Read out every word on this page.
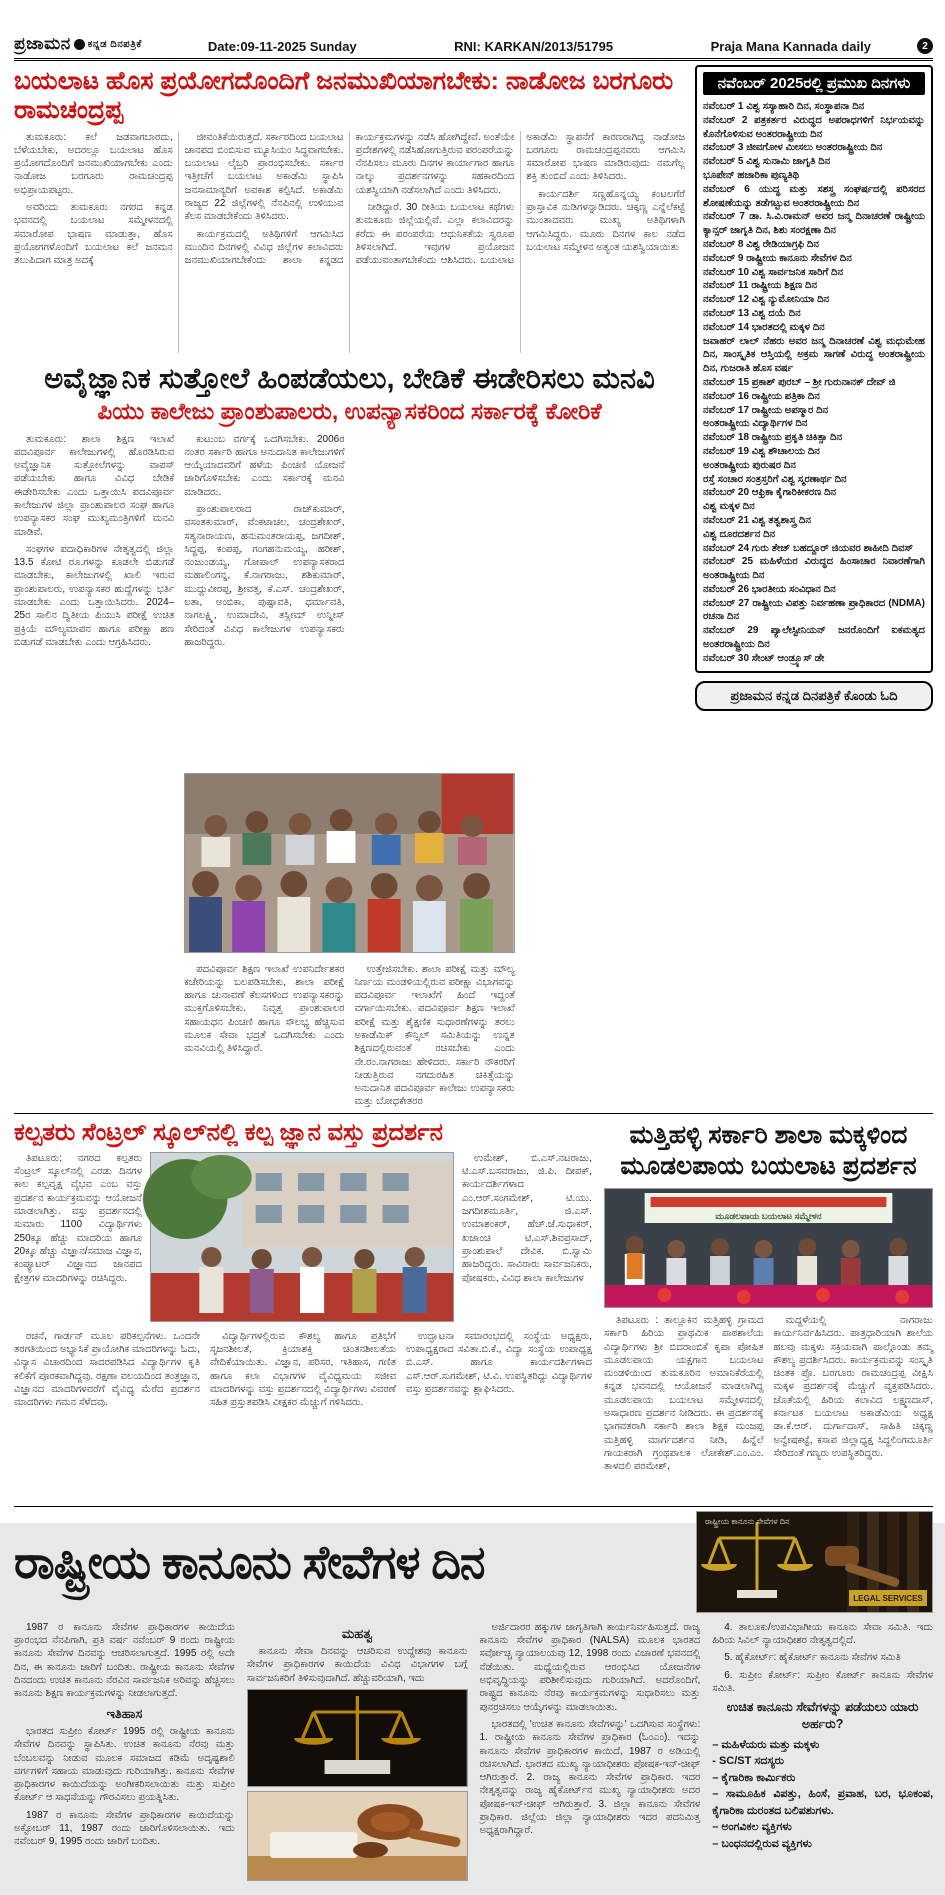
ಪ್ರಜಾಮನ ಕನ್ನಡ ದಿನಪತ್ರಿಕೆ	Date:09-11-2025 Sunday	RNI: KARKAN/2013/51795	Praja Mana Kannada daily	2
ಬಯಲಾಟ ಹೊಸ ಪ್ರಯೋಗದೊಂದಿಗೆ ಜನಮುಖಿಯಾಗಬೇಕು: ನಾಡೋಜ ಬರಗೂರು ರಾಮಚಂದ್ರಪ್ಪ

ತುಮಕೂರು: ಕಲೆ ಜಡವಾಗಬಾರದು, ಬೆಳೆಯಬೇಕು, ಅದರಲ್ಲೂ ಬಯಲಾಟ ಹೊಸ ಪ್ರಯೋಗದೊಂದಿಗೆ ಜನಮುಖಿಯಾಗಬೇಕು ಎಂದು ನಾಡೋಜ ಬರಗೂರು ರಾಮಚಂದ್ರಪ್ಪ ಅಭಿಪ್ರಾಯಪಟ್ಟರು.

ಅವರಿಂದು ತುಮಕೂರು ನಗರದ ಕನ್ನಡ ಭವನದಲ್ಲಿ ಬಯಲಾಟ ಸಮ್ಮೇಳನದಲ್ಲಿ ಸಮಾರೋಪ ಭಾಷಣ ಮಾಡುತ್ತಾ, ಹೊಸ ಪ್ರಯೋಗಗಳೊಂದಿಗೆ ಬಯಲಾಟ ಕಲೆ ಜನಮನ ತಲುಪಿದಾಗ ಮಾತ್ರ ಅದಕ್ಕೆ

ಜೀವಂತಿಕೆಯಿರುತ್ತದೆ. ಸರ್ಕಾರದಿಂದ ಬಯಲಾಟ ಜಾನಪದ ಬಿಂಬಿಸುವ ಮ್ಯೂಸಿಯಂ ಸಿದ್ಧವಾಗಬೇಕು. ಬಯಲಾಟ ಲೈಬ್ರರಿ ಪ್ರಾರಂಭಿಸಬೇಕು. ಸರ್ಕಾರ ಇತ್ತೀಚೆಗೆ ಬಯಲಾಟ ಅಕಾಡೆಮಿ ಸ್ಥಾಪಿಸಿ ಜನಸಾಮಾನ್ಯರಿಗೆ ಅವಕಾಶ ಕಲ್ಪಿಸಿದೆ. ಅಕಾಡೆಮಿ ರಾಜ್ಯದ 22 ಜಿಲ್ಲೆಗಳಲ್ಲಿ ನೆನಪಿನಲ್ಲಿ ಉಳಿಯುವ ಕೆಲಸ ಮಾಡಬೇಕೆಂದು ತಿಳಿಸಿದರು.

ಕಾರ್ಯಕ್ರಮದಲ್ಲಿ ಅತಿಥಿಗಳಿಗೆ ಆಗಮಿಸಿದ ಮುಂದಿನ ದಿನಗಳಲ್ಲಿ ವಿವಿಧ ಜಿಲ್ಲೆಗಳ ಕಲಾವಿದರು ಜನಮುಖಿಯಾಗಬೇಕೆಂದು ಶಾಲಾ ಕನ್ನಡದ ಕಾರ್ಯಕ್ರಮಗಳನ್ನು ನಡೆಸಿ ಹೋಗಿದ್ದೇವೆ. ಅಂತೆಯೇ ಪ್ರದೇಶಗಳಲ್ಲಿ ನಡೆಸಿಹೋಗುತ್ತಿರುವ ಪರಂಪರೆಯನ್ನು ನೆನಪಿಸಲು ಮೂರು ದಿನಗಳ ಕಾರ್ಯಾಗಾರ ಹಾಗೂ ನಾಲ್ಕು ಪ್ರದರ್ಶನಗಳನ್ನು ಸಹಕಾರದಿಂದ ಯಶಸ್ವಿಯಾಗಿ ನಡೆಸಲಾಗಿದೆ ಎಂದು ತಿಳಿಸಿದರು.

ನೀಡಿದ್ದಾರೆ. 30 ರೀತಿಯ ಬಯಲಾಟ ಕಥೆಗಳು ತುಮಕೂರು ಜಿಲ್ಲೆಯಲ್ಲಿವೆ. ಎಲ್ಲಾ ಕಲಾವಿದರನ್ನು ಕರೆದು ಈ ಪರಂಪರೆಯ ಆಧುನಿಕತೆಯ ಸ್ವರೂಪ ತಿಳಿಸಲಾಗಿದೆ. ಇವುಗಳ ಪ್ರಯೋಜನ ಪಡೆಯುವಂತಾಗಬೇಕೆಂದು ಆಶಿಸಿದರು. ಬಯಲಾಟ ಅಕಾಡೆಮಿ ಸ್ಥಾಪನೆಗೆ ಕಾರಣರಾಗಿದ್ದ ನಾಡೋಜ ಬರಗೂರು ರಾಮಚಂದ್ರಪ್ಪನವರು ಆಗಮಿಸಿ ಸಮಾರೋಪ ಭಾಷಣ ಮಾಡಿರುವುದು ನಮಗೆಲ್ಲ ಶಕ್ತಿ ತುಂಬಿದೆ ಎಂದು ತಿಳಿಸಿದರು.

ಕಾರ್ಯದರ್ಶಿ ಸಣ್ಣಹೊನ್ನಯ್ಯ ಕಂಟಲಗೆರೆ ಪ್ರಾಸ್ತಾವಿಕ ನುಡಿಗಳನ್ನಾಡಿದರು. ಚಿಕ್ಕಣ್ಣ ಎನ್ನೆಲೆಕಟ್ಟೆ ಮುಂತಾದವರು ಮುಖ್ಯ ಅತಿಥಿಗಳಾಗಿ ಆಗಮಿಸಿದ್ದರು. ಮೂರು ದಿನಗಳ ಕಾಲ ನಡೆದ ಬಯಲಾಟ ಸಮ್ಮೇಳನ ಅತ್ಯಂತ ಯಶಸ್ವಿಯಾಯಿತು

ಅವೈಜ್ಞಾನಿಕ ಸುತ್ತೋಲೆ ಹಿಂಪಡೆಯಲು, ಬೇಡಿಕೆ ಈಡೇರಿಸಲು ಮನವಿ
ಪಿಯು ಕಾಲೇಜು ಪ್ರಾಂಶುಪಾಲರು, ಉಪನ್ಯಾಸಕರಿಂದ ಸರ್ಕಾರಕ್ಕೆ ಕೋರಿಕೆ

ತುಮಕೂರು: ಶಾಲಾ ಶಿಕ್ಷಣ ಇಲಾಖೆ ಪದವಿಪೂರ್ವ ಕಾಲೇಜುಗಳಲ್ಲಿ ಹೊರಡಿಸಿರುವ ಅವೈಜ್ಞಾನಿಕ ಸುತ್ತೋಲೆಗಳನ್ನು ವಾಪಸ್ ಪಡೆಯಬೇಕು ಹಾಗೂ ವಿವಿಧ ಬೇಡಿಕೆ ಈಡೇರಿಸಬೇಕು ಎಂದು ಒತ್ತಾಯಿಸಿ ಪದವಿಪೂರ್ವ ಕಾಲೇಜುಗಳ ಜಿಲ್ಲಾ ಪ್ರಾಂಶುಪಾಲರ ಸಂಘ ಹಾಗೂ ಉಪನ್ಯಾಸಕರ ಸಂಘ ಮುಖ್ಯಮಂತ್ರಿಗಳಿಗೆ ಮನವಿ ಮಾಡಿವೆ.

ಸಂಘಗಳ ಪದಾಧಿಕಾರಿಗಳ ನೇತೃತ್ವದಲ್ಲಿ ಜಿಲ್ಲಾ 13.5 ಕೋಟಿ ರೂ.ಗಳನ್ನು ಕೂಡಲೇ ಬಿಡುಗಡೆ ಮಾಡಬೇಕು, ಕಾಲೇಜುಗಳಲ್ಲಿ ಖಾಲಿ ಇರುವ ಪ್ರಾಂಶುಪಾಲರು, ಉಪನ್ಯಾಸಕರ ಹುದ್ದೆಗಳನ್ನು ಭರ್ತಿ ಮಾಡಬೇಕು ಎಂದು ಒತ್ತಾಯಿಸಿದರು. 2024–25ರ ಸಾಲಿನ ದ್ವಿತೀಯ ಪಿಯುಸಿ ಪರೀಕ್ಷೆ ಉಚಿತ ಪ್ರಕ್ರಿಯೆ ಮೌಲ್ಯಮಾಪನ ಹಾಗೂ ಪರೀಕ್ಷಾ ಹಣ ಬಿಡುಗಡೆ ಮಾಡಬೇಕು ಎಂದು ಆಗ್ರಹಿಸಿದರು.

ಕುಟುಂಬ ವರ್ಗಕ್ಕೆ ಒದಗಿಸಬೇಕು. 2006ರ ನಂತರ ಸರ್ಕಾರಿ ಹಾಗೂ ಅನುದಾನಿತ ಕಾಲೇಜುಗಳಿಗೆ ಆಯ್ಕೆಯಾದವರಿಗೆ ಹಳೆಯ ಪಿಂಚಣಿ ಯೋಜನೆ ಜಾರಿಗೊಳಿಸಬೇಕು ಎಂದು ಸರ್ಕಾರಕ್ಕೆ ಮನವಿ ಮಾಡಿದರು.

ಪ್ರಾಂಶುಪಾಲರಾದ ರಾಜ್‌ಕುಮಾರ್, ವಸಂತಕುಮಾರ್, ವೆಂಕಟಾಚಲ, ಚಂದ್ರಶೇಖರ್, ಸತ್ಯನಾರಾಯಣ, ಹನುಮಂತರಾಯಪ್ಪ, ಜಗದೀಶ್, ಸಿದ್ಧಪ್ಪ, ಕಂಪಪ್ಪ, ಗಂಗಹನುಮಯ್ಯ, ಹರೀಶ್, ನಂಜುಂಡಯ್ಯ, ಗೋಪಾಲ್ ಉಪನ್ಯಾಸಕರಾದ ಮಹಾಲಿಂಗನ್ನ, ಕೆ.ನಾಗರಾಜು, ಶಶಿಕುಮಾರ್, ಮುದ್ದುವೀರಪ್ಪ, ಶ್ರೀವತ್ಸ, ಕೆ.ಎಸ್. ಚಂದ್ರಶೇಖರ್, ಲತಾ, ಅಂಬಿಕಾ, ಪುಷ್ಪಾವತಿ, ಧರ್ಮಾವತಿ, ನಾಗಲಕ್ಷ್ಮಿ, ಉಮಾದೇವಿ, ತಸ್ಲೀಮ್ ಉನ್ನೀಸ್ ಸೇರಿದಂತೆ ವಿವಿಧ ಕಾಲೇಜುಗಳ ಉಪನ್ಯಾಸಕರು ಹಾಜರಿದ್ದರು.

ಪದವಿಪೂರ್ವ ಶಿಕ್ಷಣ ಇಲಾಖೆ ಉಪನಿರ್ದೇಶಕರ ಕಚೇರಿಯನ್ನು ಬಲಪಡಿಸಬೇಕು, ಶಾಲಾ ಪರೀಕ್ಷೆ ಹಾಗೂ ಚುನಾವಣೆ ಕೆಲಸಗಳಿಂದ ಉಪನ್ಯಾಸಕರನ್ನು ಮುಕ್ತಗೊಳಿಸಬೇಕು. ನಿವೃತ್ತ ಪ್ರಾಂಶುಪಾಲರ ಸಹಾಯಧನ ಪಿಂಚಣಿ ಹಾಗೂ ಸೌಲಭ್ಯ ಹೆಚ್ಚಿಸುವ ಮೂಲಕ ಸೇವಾ ಭದ್ರತೆ ಒದಗಿಸಬೇಕು ಎಂದು ಮನವಿಯಲ್ಲಿ ತಿಳಿಸಿದ್ದಾರೆ.

ಉತ್ತೇಜಿಸಬೇಕು. ಶಾಲಾ ಪರೀಕ್ಷೆ ಮತ್ತು ಮೌಲ್ಯ ನಿರ್ಣಯ ಮಂಡಳಿಯಲ್ಲಿರುವ ಪರೀಕ್ಷಾ ವಿಭಾಗವನ್ನು ಪದವಿಪೂರ್ವ ಇಲಾಖೆಗೆ ಹಿಂದೆ ಇದ್ದಂತೆ ವರ್ಗಾಯಿಸಬೇಕು. ಪದವಿಪೂರ್ವ ಶಿಕ್ಷಣ ಇಲಾಖೆ ಪರೀಕ್ಷೆ ಮತ್ತು ಶೈಕ್ಷಣಿಕ ಸುಧಾರಣೆಗಳನ್ನು ತರಲು ಅಕಾಡೆಮಿಕ್ ಕೌನ್ಸಿಲ್ ಸಮಿತಿಯನ್ನು ಉನ್ನತ ಶಿಕ್ಷಣದಲ್ಲಿರುವಂತೆ ರಚಿಸಬೇಕು ಎಂದು ನೇ.ರಂ.ನಾಗರಾಜು ಹೇಳಿದರು. ಸರ್ಕಾರಿ ನೌಕರರಿಗೆ ನೀಡುತ್ತಿರುವ ನಗದುರಹಿತ ಚಿಕಿತ್ಸೆಯನ್ನು ಅನುದಾನಿತ ಪದವಿಪೂರ್ವ ಕಾಲೇಜು ಉಪನ್ಯಾಸಕರು ಮತ್ತು ಬೋಧಕೇತರರ

ನವೆಂಬರ್ 2025ರಲ್ಲಿ ಪ್ರಮುಖ ದಿನಗಳು
ನವೆಂಬರ್ 1 ವಿಶ್ವ ಸಸ್ಯಾಹಾರಿ ದಿನ, ಸಂಸ್ಥಾಪನಾ ದಿನ
ನವೆಂಬರ್ 2 ಪತ್ರಕರ್ತರ ವಿರುದ್ಧದ ಅಪರಾಧಗಳಿಗೆ ನಿರ್ಭಯವನ್ನು ಕೊನೆಗೊಳಿಸುವ ಅಂತರರಾಷ್ಟ್ರೀಯ ದಿನ
ನವೆಂಬರ್ 3 ಜೀವಗೋಳ ಮೀಸಲು ಅಂತರರಾಷ್ಟ್ರೀಯ ದಿನ
ನವೆಂಬರ್ 5 ವಿಶ್ವ ಸುನಾಮಿ ಜಾಗೃತಿ ದಿನ
ಭೂಪೇನ್ ಹಜಾರಿಕಾ ಪುಣ್ಯತಿಥಿ
ನವೆಂಬರ್ 6 ಯುದ್ಧ ಮತ್ತು ಸಶಸ್ತ್ರ ಸಂಘರ್ಷದಲ್ಲಿ ಪರಿಸರದ ಶೋಷಣೆಯನ್ನು ತಡೆಗಟ್ಟುವ ಅಂತರರಾಷ್ಟ್ರೀಯ ದಿನ
ನವೆಂಬರ್ 7 ಡಾ. ಸಿ.ವಿ.ರಾಮನ್ ಅವರ ಜನ್ಮ ದಿನಾಚರಣೆ ರಾಷ್ಟ್ರೀಯ ಕ್ಯಾನ್ಸರ್ ಜಾಗೃತಿ ದಿನ, ಶಿಶು ಸಂರಕ್ಷಣಾ ದಿನ
ನವೆಂಬರ್ 8 ವಿಶ್ವ ರೇಡಿಯಾಗ್ರಫಿ ದಿನ
ನವೆಂಬರ್ 9 ರಾಷ್ಟ್ರೀಯ ಕಾನೂನು ಸೇವೆಗಳ ದಿನ
ನವೆಂಬರ್ 10 ವಿಶ್ವ ಸಾರ್ವಜನಿಕ ಸಾರಿಗೆ ದಿನ
ನವೆಂಬರ್ 11 ರಾಷ್ಟ್ರೀಯ ಶಿಕ್ಷಣ ದಿನ
ನವೆಂಬರ್ 12 ವಿಶ್ವ ನ್ಯುಮೋನಿಯಾ ದಿನ
ನವೆಂಬರ್ 13 ವಿಶ್ವ ದಯೆ ದಿನ
ನವೆಂಬರ್ 14 ಭಾರತದಲ್ಲಿ ಮಕ್ಕಳ ದಿನ
ಜವಾಹರ್ ಲಾಲ್ ನೆಹರು ಅವರ ಜನ್ಮ ದಿನಾಚರಣೆ ವಿಶ್ವ ಮಧುಮೇಹ ದಿನ, ಸಾಂಸ್ಕೃತಿಕ ಆಸ್ತಿಯಲ್ಲಿ ಅಕ್ರಮ ಸಾಗಣೆ ವಿರುದ್ಧ ಅಂತರಾಷ್ಟ್ರೀಯ ದಿನ, ಗುಜರಾತಿ ಹೊಸ ವರ್ಷ
ನವೆಂಬರ್ 15 ಪ್ರಕಾಶ್ ಪುರಬ್ – ಶ್ರೀ ಗುರುನಾನಕ್ ದೇವ್ ಜಿ
ನವೆಂಬರ್ 16 ರಾಷ್ಟ್ರೀಯ ಪತ್ರಿಕಾ ದಿನ
ನವೆಂಬರ್ 17 ರಾಷ್ಟ್ರೀಯ ಅಪಸ್ಮಾರ ದಿನ
ಅಂತರಾಷ್ಟ್ರೀಯ ವಿದ್ಯಾರ್ಥಿಗಳ ದಿನ
ನವೆಂಬರ್ 18 ರಾಷ್ಟ್ರೀಯ ಪ್ರಕೃತಿ ಚಿಕಿತ್ಸಾ ದಿನ
ನವೆಂಬರ್ 19 ವಿಶ್ವ ಶೌಚಾಲಯ ದಿನ
ಅಂತರಾಷ್ಟ್ರೀಯ ಪುರುಷರ ದಿನ
ರಸ್ತೆ ಸಂಚಾರ ಸಂತ್ರಸ್ತರಿಗೆ ವಿಶ್ವ ಸ್ಮರಣಾರ್ಥ ದಿನ
ನವೆಂಬರ್ 20 ಆಫ್ರಿಕಾ ಕೈಗಾರಿಕೀಕರಣ ದಿನ
ವಿಶ್ವ ಮಕ್ಕಳ ದಿನ
ನವೆಂಬರ್ 21 ವಿಶ್ವ ತತ್ವಶಾಸ್ತ್ರ ದಿನ
ವಿಶ್ವ ದೂರದರ್ಶನ ದಿನ
ನವೆಂಬರ್ 24 ಗುರು ತೇಜ್ ಬಹದ್ದೂರ್ ಜಿಯವರ ಶಾಹೀದಿ ದಿವಸ್
ನವೆಂಬರ್ 25 ಮಹಿಳೆಯರ ವಿರುದ್ಧದ ಹಿಂಸಾಚಾರ ನಿವಾರಣೆಗಾಗಿ ಅಂತರಾಷ್ಟ್ರೀಯ ದಿನ
ನವೆಂಬರ್ 26 ಭಾರತೀಯ ಸಂವಿಧಾನ ದಿನ
ನವೆಂಬರ್ 27 ರಾಷ್ಟ್ರೀಯ ವಿಪತ್ತು ನಿರ್ವಹಣಾ ಪ್ರಾಧಿಕಾರದ (NDMA) ರಚನಾ ದಿನ
ನವೆಂಬರ್ 29 ಪ್ಯಾಲೇಸ್ಟೀನಿಯನ್ ಜನರೊಂದಿಗೆ ಐಕಮತ್ಯದ ಅಂತರರಾಷ್ಟ್ರೀಯ ದಿನ
ನವೆಂಬರ್ 30 ಸೇಂಟ್ ಆಂಡ್ರ್ಯೂಸ್ ಡೇ
ಪ್ರಜಾಮನ ಕನ್ನಡ ದಿನಪತ್ರಿಕೆ ಕೊಂಡು ಓದಿ
ಕಲ್ಪತರು ಸೆಂಟ್ರಲ್ ಸ್ಕೂಲ್‌ನಲ್ಲಿ ಕಲ್ಪ ಜ್ಞಾನ ವಸ್ತು ಪ್ರದರ್ಶನ

ತಿಪಟೂರು: ನಗರದ ಕಲ್ಪತರು ಸೆಂಟ್ರಲ್ ಸ್ಕೂಲ್‌ನಲ್ಲಿ ಎರಡು ದಿನಗಳ ಕಾಲ ಕಲ್ಪವೃಕ್ಷ ವೈಭವ ಎಂಬ ವಸ್ತು ಪ್ರದರ್ಶನ ಕಾರ್ಯಕ್ರಮವನ್ನು ಆಯೋಜನೆ ಮಾಡಲಾಗಿತ್ತು. ವಸ್ತು ಪ್ರದರ್ಶನದಲ್ಲಿ ಸುಮಾರು 1100 ವಿದ್ಯಾರ್ಥಿಗಳು 250ಕ್ಕೂ ಹೆಚ್ಚು ಮಾದರಿಯ ಹಾಗೂ 20ಕ್ಕೂ ಹೆಚ್ಚು ವಿಜ್ಞಾನ/ಸಮಾಜ ವಿಜ್ಞಾನ, ಕಂಪ್ಯೂಟರ್ ವಿಜ್ಞಾನದ ಜಾನಪದ ಕ್ಷೇತ್ರಗಳ ಮಾದರಿಗಳನ್ನು ರಚಿಸಿದ್ದರು.

ಉಮೇಶ್, ಬಿ.ಎಸ್.ನಟರಾಜು, ಟಿ.ಎಸ್.ಬಸವರಾಜು, ಜಿ.ಪಿ. ದೀಪಕ್, ಕಾರ್ಯದರ್ಶಿಗಳಾದ ಎಂ.ಆರ್.ಸಂಗಮೇಶ್, ಟಿ.ಯು. ಜಗದೀಶಮೂರ್ತಿ, ಜಿ.ಎಸ್. ಉಮಾಶಂಕರ್, ಹೆಚ್.ಜೆ.ಸುಧಾಕರ್, ಖಜಾಂಚಿ ಟಿ.ಎಸ್.ಶಿವಪ್ರಸಾದ್, ಪ್ರಾಂಶುಪಾಲೆ ದೇವಿಕ. ಬಿ.ಸ್ವಾಮಿ ಹಾಜರಿದ್ದರು. ಸಾವಿರಾರು ಸಾರ್ವಜನಿಕರು, ಪೋಷಕರು, ವಿವಿಧ ಶಾಲಾ ಕಾಲೇಜುಗಳ

ರಚನೆ, ಗಾರ್ಡನ್ ಮೂಲ ಪರಿಕಲ್ಪನೆಗಳು. ಒಂದನೇ ತರಗತಿಯಿಂದ ಅಭ್ಯಾಸಿಕೆ ಪ್ರಾಯೋಗಿಕ ಮಾದರಿಗಳನ್ನು ಓದು, ವಿನ್ಯಾಸ ವಿಚಾರದಿಂದ ಸಾದರಪಡಿಸಿದ ವಿದ್ಯಾರ್ಥಿಗಳ ಕೃತಿ ಕಲಿಕೆಗೆ ಪೂರಕವಾಗಿದ್ದವು. ರಕ್ಷಣಾ ವಲಯದಿಂದ ತಂತ್ರಜ್ಞಾನ, ವಿಜ್ಞಾನದ ಮಾದರಿಗಳವರೆಗೆ ವೈವಿಧ್ಯ ಮೆರೆದ ಪ್ರದರ್ಶನ ಮಾದರಿಗಳು ಗಮನ ಸೆಳೆದವು.

ವಿದ್ಯಾರ್ಥಿಗಳಲ್ಲಿರುವ ಕೌಶಲ್ಯ ಹಾಗೂ ಪ್ರತಿಭೆಗೆ ಸೃಜನಶೀಲತೆ, ಕ್ರಿಯಾಶಕ್ತಿ ಚಿಂತನಶೀಲತೆಯ ವೇದಿಕೆಯಾಯಿತು. ವಿಜ್ಞಾನ, ಪರಿಸರ, ಇತಿಹಾಸ, ಗಣಿತ ಹಾಗೂ ಕಲಾ ವಿಭಾಗಗಳ ವೈವಿಧ್ಯಮಯ ಸಜೀವ ಮಾದರಿಗಳನ್ನು ವಸ್ತು ಪ್ರದರ್ಶನದಲ್ಲಿ ವಿದ್ಯಾರ್ಥಿಗಳು ವಿವರಣೆ ಸಹಿತ ಪ್ರಸ್ತುತಪಡಿಸಿ ವೀಕ್ಷಕರ ಮೆಚ್ಚುಗೆ ಗಳಿಸಿದರು.

ಉದ್ಘಾಟನಾ ಸಮಾರಂಭದಲ್ಲಿ ಸಂಸ್ಥೆಯ ಅಧ್ಯಕ್ಷರು, ಉಪಾಧ್ಯಕ್ಷರಾದ ಸವಿತಾ.ಬಿ.ಕೆ., ವಿದ್ಯಾ ಸಂಸ್ಥೆಯ ಉಪಾಧ್ಯಕ್ಷ ಬಿ.ಎಸ್. ಹಾಗೂ ಕಾರ್ಯದರ್ಶಿಗಳಾದ ಎಸ್.ಆರ್.ಸುಗಮೇಶ್, ಟಿ.ವಿ. ಉಪಸ್ಥಿತರಿದ್ದು ವಿದ್ಯಾರ್ಥಿಗಳ ವಸ್ತು ಪ್ರದರ್ಶನವನ್ನು ಶ್ಲಾಘಿಸಿದರು.

ಮತ್ತಿಹಳ್ಳಿ ಸರ್ಕಾರಿ ಶಾಲಾ ಮಕ್ಕಳಿಂದ
ಮೂಡಲಪಾಯ ಬಯಲಾಟ ಪ್ರದರ್ಶನ
ಮೂಡಲಪಾಯ ಬಯಲಾಟ ಸಮ್ಮೇಳನ

ತಿಪಟೂರು : ತಾಲ್ಲೂಕಿನ ಮತ್ತಿಹಳ್ಳಿ ಗ್ರಾಮದ ಸರ್ಕಾರಿ ಹಿರಿಯ ಪ್ರಾಥಮಿಕ ಪಾಠಶಾಲೆಯ ವಿದ್ಯಾರ್ಥಿಗಳು ಶ್ರೀ ಬಿದರಾಂಬಿಕೆ ಕೃಪಾ ಪೋಷಿತ ಮೂಡಲಪಾಯ ಯಕ್ಷಗಾನ ಬಯಲಾಟ ಮಂಡಳಿಯಿಂದ ತುಮಕೂರಿನ ಅಮಾನಿಕೆರೆಯಲ್ಲಿ ಕನ್ನಡ ಭವನದಲ್ಲಿ ಆಯೋಜನೆ ಮಾಡಲಾಗಿದ್ದ ಮೂಡಲಪಾಯ ಬಯಲಾಟ ಸಮ್ಮೇಳನದಲ್ಲಿ ಅಸಾಧಾರಣ ಪ್ರದರ್ಶನ ನೀಡಿದರು. ಈ ಪ್ರದರ್ಶನಕ್ಕೆ ಭಾಗವತರಾಗಿ ಸರ್ಕಾರಿ ಶಾಲಾ ಶಿಕ್ಷಕ ಮಂಜಪ್ಪ ಮತ್ತಿಹಳ್ಳಿ ಮಾರ್ಗದರ್ಶನ ನೀಡಿ, ಹಿನ್ನೆಲೆ ಗಾಯಕರಾಗಿ ಗ್ರಂಥಪಾಲಕ ಲೋಕೇಶ್.ಎಂ.ಎಂ. ತಾಳದಲಿ ಪರಮೇಶ್,

ಮದ್ದಳೆಯಲ್ಲಿ ನಾಗರಾಜು ಕಾರ್ಯನಿರ್ವಹಿಸಿದರು. ಪಾತ್ರಧಾರಿಯಾಗಿ ಶಾಲೆಯ ಹಲವು ಮಕ್ಕಳು ಸಕ್ರಿಯವಾಗಿ ಪಾಲ್ಗೊಂಡು ತಮ್ಮ ಕೌಶಲ್ಯ ಪ್ರದರ್ಶಿಸಿದರು. ಕಾರ್ಯಕ್ರಮವನ್ನು ಸಂಸ್ಕೃತಿ ಚಿಂತಕ ಪ್ರೊ. ಬರಗೂರು ರಾಮಚಂದ್ರಪ್ಪ ವೀಕ್ಷಿಸಿ ಮಕ್ಕಳ ಪ್ರದರ್ಶನಕ್ಕೆ ಮೆಚ್ಚುಗೆ ವ್ಯಕ್ತಪಡಿಸಿದರು. ಜೊತೆಯಲ್ಲಿ ಹಿರಿಯ ಕಲಾವಿದ ಲಕ್ಷ್ಮಣದಾಸ್, ಕರ್ನಾಟಕ ಬಯಲಾಟ ಅಕಾಡೆಮಿಯ ಅಧ್ಯಕ್ಷ ಡಾ.ಕೆ.ಆರ್. ದುರ್ಗಾದಾಸ್, ಸಾಹಿತಿ ಚಿಕ್ಕಣ್ಣ ಅನ್ವೇಷಕಟ್ಟೆ, ಕಸಾಪ ಜಿಲ್ಲಾಧ್ಯಕ್ಷ ಸಿದ್ಧಲಿಂಗಮೂರ್ತಿ ಸೇರಿದಂತೆ ಗಣ್ಯರು ಉಪಸ್ಥಿತರಿದ್ದರು.

ರಾಷ್ಟ್ರೀಯ ಕಾನೂನು ಸೇವೆಗಳ ದಿನ
ರಾಷ್ಟ್ರೀಯ ಕಾನೂನು ಸೇವೆಗಳ ದಿನ
LEGAL SERVICES

1987 ರ ಕಾನೂನು ಸೇವೆಗಳ ಪ್ರಾಧಿಕಾರಗಳ ಕಾಯಿದೆಯ ಪ್ರಾರಂಭದ ನೆನಪಿಗಾಗಿ, ಪ್ರತಿ ವರ್ಷ ನವೆಂಬರ್ 9 ರಂದು ರಾಷ್ಟ್ರೀಯ ಕಾನೂನು ಸೇವೆಗಳ ದಿನವನ್ನು ಆಚರಿಸಲಾಗುತ್ತದೆ. 1995 ರಲ್ಲಿ ಅದೇ ದಿನ, ಈ ಕಾನೂನು ಜಾರಿಗೆ ಬಂದಿತು. ರಾಷ್ಟ್ರೀಯ ಕಾನೂನು ಸೇವೆಗಳ ದಿನದಂದು ಉಚಿತ ಕಾನೂನು ನೆರವಿನ ಸಾರ್ವಜನಿಕ ಅರಿವನ್ನು ಹೆಚ್ಚಿಸಲು ಕಾನೂನು ಶಿಕ್ಷಣ ಕಾರ್ಯಕ್ರಮಗಳನ್ನು ನೀಡಲಾಗುತ್ತದೆ.

ಇತಿಹಾಸ

ಭಾರತದ ಸುಪ್ರೀಂ ಕೋರ್ಟ್ 1995 ರಲ್ಲಿ ರಾಷ್ಟ್ರೀಯ ಕಾನೂನು ಸೇವೆಗಳ ದಿನವನ್ನು ಸ್ಥಾಪಿಸಿತು. ಉಚಿತ ಕಾನೂನು ನೆರವು ಮತ್ತು ಬೆಂಬಲವನ್ನು ನೀಡುವ ಮೂಲಕ ಸಮಾಜದ ಕಡಿಮೆ ಅದೃಷ್ಟಶಾಲಿ ವರ್ಗಗಳಿಗೆ ಸಹಾಯ ಮಾಡುವುದು ಗುರಿಯಾಗಿತ್ತು. ಕಾನೂನು ಸೇವೆಗಳ ಪ್ರಾಧಿಕಾರಗಳ ಕಾಯಿದೆಯನ್ನು ಅಂಗೀಕರಿಸಲಾಯಿತು ಮತ್ತು ಸುಪ್ರೀಂ ಕೋರ್ಟ್ ಆ ಸಾಧನೆಯನ್ನು ಗೌರವಿಸಲು ಪ್ರಯತ್ನಿಸಿತು.

1987 ರ ಕಾನೂನು ಸೇವೆಗಳ ಪ್ರಾಧಿಕಾರಗಳ ಕಾಯಿದೆಯನ್ನು ಅಕ್ಟೋಬರ್ 11, 1987 ರಂದು ಜಾರಿಗೊಳಿಸಲಾಯಿತು. ಇದು ನವೆಂಬರ್ 9, 1995 ರಂದು ಜಾರಿಗೆ ಬಂದಿತು.

ಮಹತ್ವ

ಕಾನೂನು ಸೇವಾ ದಿನವನ್ನು ಆಚರಿಸುವ ಉದ್ದೇಶವು ಕಾನೂನು ಸೇವೆಗಳ ಪ್ರಾಧಿಕಾರಗಳ ಕಾಯಿದೆಯ ವಿವಿಧ ವಿಭಾಗಗಳ ಬಗ್ಗೆ ಸಾರ್ವಜನಿಕರಿಗೆ ತಿಳಿಸುವುದಾಗಿದೆ. ಹೆಚ್ಚುವರಿಯಾಗಿ, ಇದು

ಅರ್ಜಿದಾರರ ಹಕ್ಕುಗಳ ಜಾಗೃತಿಗಾಗಿ ಕಾರ್ಯನಿರ್ವಹಿಸುತ್ತದೆ. ರಾಜ್ಯ ಕಾನೂನು ಸೇವೆಗಳ ಪ್ರಾಧಿಕಾರ (NALSA) ಮೂಲಕ ಭಾರತದ ಸರ್ವೋಚ್ಚ ನ್ಯಾಯಾಲಯವು 12, 1998 ರಂದು ವಿಚಾರಣೆ ಭವನದಲ್ಲಿ ನೆಡೆಯಿತು. ಮಧ್ಯೆಯಲ್ಲಿರುವ ಆರಂಭಿಸಿದ ಯೋಜನೆಗಳ ಅಭಿವೃದ್ಧಿಯನ್ನು ಪರಿಶೀಲಿಸುವುದು ಗುರಿಯಾಗಿದೆ. ಅದರೊಂದಿಗೆ, ರಾಷ್ಟ್ರದ ಕಾನೂನು ನೆರವು ಕಾರ್ಯಕ್ರಮಗಳನ್ನು ಸುಧಾರಿಸಲು ಮತ್ತು ಪುನರ್ರಚಿಸಲು ಆಯ್ಕೆಗಳನ್ನು ಮಾಡಲಾಯಿತು.

ಭಾರತದಲ್ಲಿ 'ಉಚಿತ ಕಾನೂನು ಸೇವೆಗಳನ್ನು' ಒದಗಿಸುವ ಸಂಸ್ಥೆಗಳು: 1. ರಾಷ್ಟ್ರೀಯ ಕಾನೂನು ಸೇವೆಗಳ ಪ್ರಾಧಿಕಾರ (ಓಂಎಂ). ಇದನ್ನು ಕಾನೂನು ಸೇವೆಗಳ ಪ್ರಾಧಿಕಾರಗಳ ಕಾಯಿದೆ, 1987 ರ ಅಡಿಯಲ್ಲಿ ರಚಿಸಲಾಗಿದೆ. ಭಾರತದ ಮುಖ್ಯ ನ್ಯಾಯಾಧೀಶರು ಪೋಷಕ-ಇನ್-ಚೀಫ್ ಆಗಿರುತ್ತಾರೆ. 2. ರಾಜ್ಯ ಕಾನೂನು ಸೇವೆಗಳ ಪ್ರಾಧಿಕಾರ. ಇದರ ನೇತೃತ್ವವನ್ನು ರಾಜ್ಯ ಹೈಕೋರ್ಟ್‌ನ ಮುಖ್ಯ ನ್ಯಾಯಾಧೀಶರು ಅದರ ಪೋಷಕ-ಇನ್-ಚೀಫ್ ಆಗಿರುತ್ತಾರೆ. 3. ಜಿಲ್ಲಾ ಕಾನೂನು ಸೇವೆಗಳ ಪ್ರಾಧಿಕಾರ. ಜಿಲ್ಲೆಯ ಜಿಲ್ಲಾ ನ್ಯಾಯಾಧೀಶರು ಇದರ ಪದನಿಮಿತ್ತ ಅಧ್ಯಕ್ಷರಾಗಿದ್ದಾರೆ.

4. ತಾಲೂಕು/ಉಪವಿಭಾಗೀಯ ಕಾನೂನು ಸೇವಾ ಸಮಿತಿ. ಇದು ಹಿರಿಯ ಸಿವಿಲ್ ನ್ಯಾಯಾಧೀಶರ ನೇತೃತ್ವದಲ್ಲಿದೆ.

5. ಹೈಕೋರ್ಟ್: ಹೈಕೋರ್ಟ್ ಕಾನೂನು ಸೇವೆಗಳ ಸಮಿತಿ

6. ಸುಪ್ರೀಂ ಕೋರ್ಟ್: ಸುಪ್ರೀಂ ಕೋರ್ಟ್ ಕಾನೂನು ಸೇವೆಗಳ ಸಮಿತಿ.

ಉಚಿತ ಕಾನೂನು ಸೇವೆಗಳನ್ನು ಪಡೆಯಲು ಯಾರು ಅರ್ಹರು?
– ಮಹಿಳೆಯರು ಮತ್ತು ಮಕ್ಕಳು
- SC/ST ಸದಸ್ಯರು
– ಕೈಗಾರಿಕಾ ಕಾರ್ಮಿಕರು
– ಸಾಮೂಹಿಕ ವಿಪತ್ತು, ಹಿಂಸೆ, ಪ್ರವಾಹ, ಬರ, ಭೂಕಂಪ, ಕೈಗಾರಿಕಾ ದುರಂತದ ಬಲಿಪಶುಗಳು.
– ಅಂಗವಿಕಲ ವ್ಯಕ್ತಿಗಳು
– ಬಂಧನದಲ್ಲಿರುವ ವ್ಯಕ್ತಿಗಳು
